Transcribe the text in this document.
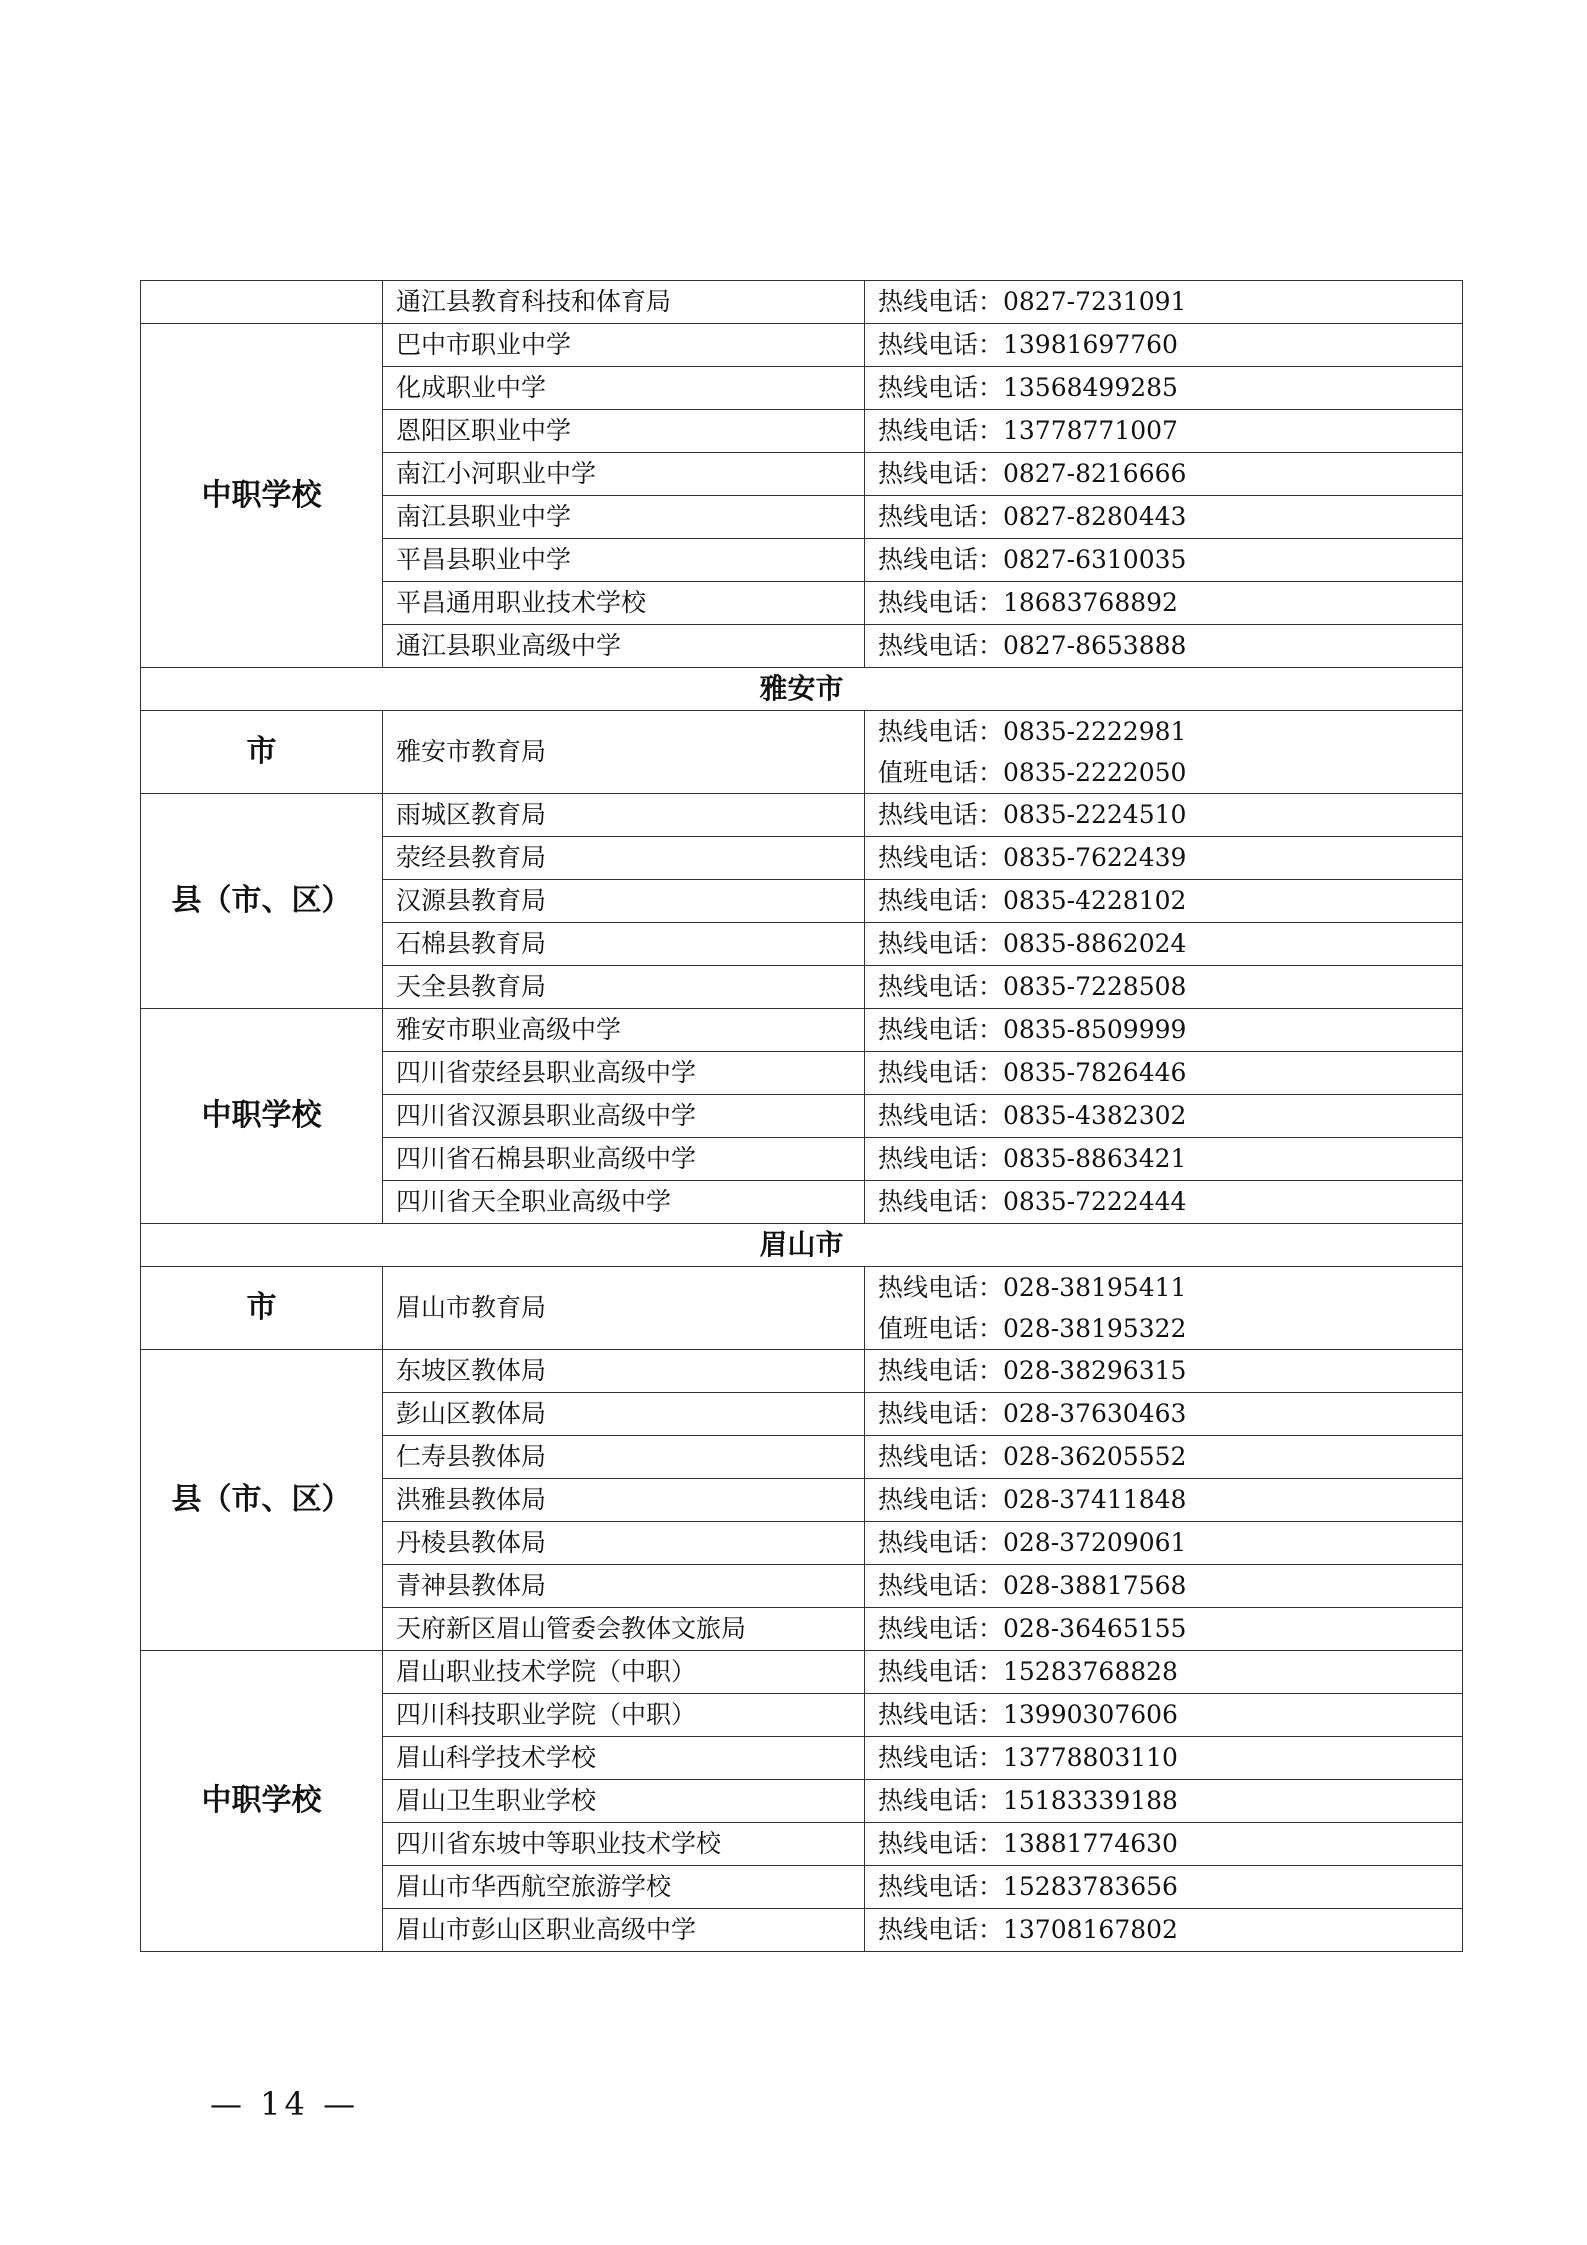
	通江县教育科技和体育局	热线电话：0827-7231091

中职学校	巴中市职业中学	热线电话：13981697760

	化成职业中学	热线电话：13568499285

	恩阳区职业中学	热线电话：13778771007

	南江小河职业中学	热线电话：0827-8216666

	南江县职业中学	热线电话：0827-8280443

	平昌县职业中学	热线电话：0827-6310035

	平昌通用职业技术学校	热线电话：18683768892

	通江县职业高级中学	热线电话：0827-8653888

雅安市		
市	雅安市教育局	热线电话：0835-2222981
值班电话：0835-2222050

县（市、区）	雨城区教育局	热线电话：0835-2224510

	荥经县教育局	热线电话：0835-7622439

	汉源县教育局	热线电话：0835-4228102

	石棉县教育局	热线电话：0835-8862024

	天全县教育局	热线电话：0835-7228508

中职学校	雅安市职业高级中学	热线电话：0835-8509999

	四川省荥经县职业高级中学	热线电话：0835-7826446

	四川省汉源县职业高级中学	热线电话：0835-4382302

	四川省石棉县职业高级中学	热线电话：0835-8863421

	四川省天全职业高级中学	热线电话：0835-7222444

眉山市		
市	眉山市教育局	热线电话：028-38195411
值班电话：028-38195322

县（市、区）	东坡区教体局	热线电话：028-38296315

	彭山区教体局	热线电话：028-37630463

	仁寿县教体局	热线电话：028-36205552

	洪雅县教体局	热线电话：028-37411848

	丹棱县教体局	热线电话：028-37209061

	青神县教体局	热线电话：028-38817568

	天府新区眉山管委会教体文旅局	热线电话：028-36465155

中职学校	眉山职业技术学院（中职）	热线电话：15283768828

	四川科技职业学院（中职）	热线电话：13990307606

	眉山科学技术学校	热线电话：13778803110

	眉山卫生职业学校	热线电话：15183339188

	四川省东坡中等职业技术学校	热线电话：13881774630

	眉山市华西航空旅游学校	热线电话：15283783656

	眉山市彭山区职业高级中学	热线电话：13708167802
— 14 —
